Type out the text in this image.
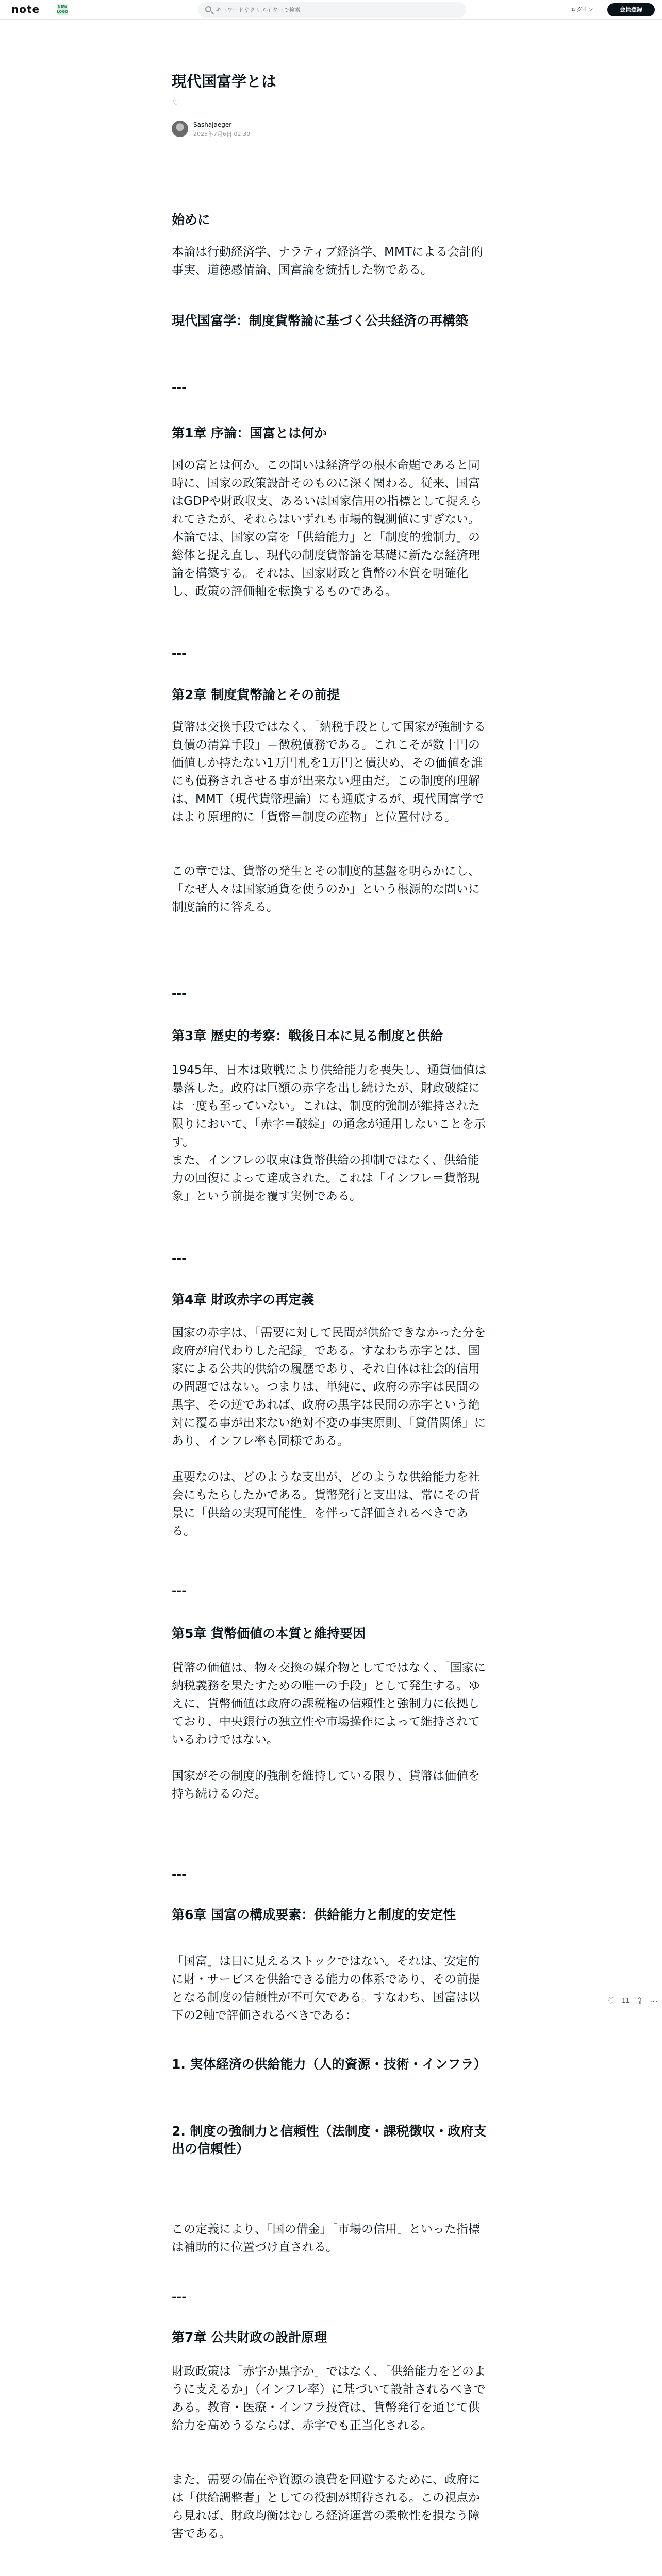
note	NEW LOGO
キーワードやクリエイターで検索	ログイン	会員登録
現代国富学とは
♡
Sashajaeger
2025年7月6日 02:30
始めに
本論は行動経済学、ナラティブ経済学、MMTによる会計的事実、道徳感情論、国富論を統括した物である。
現代国富学：制度貨幣論に基づく公共経済の再構築
---
第1章 序論：国富とは何か
国の富とは何か。この問いは経済学の根本命題であると同時に、国家の政策設計そのものに深く関わる。従来、国富はGDPや財政収支、あるいは国家信用の指標として捉えられてきたが、それらはいずれも市場的観測値にすぎない。
本論では、国家の富を「供給能力」と「制度的強制力」の総体と捉え直し、現代の制度貨幣論を基礎に新たな経済理論を構築する。それは、国家財政と貨幣の本質を明確化し、政策の評価軸を転換するものである。
---
第2章 制度貨幣論とその前提
貨幣は交換手段ではなく、「納税手段として国家が強制する負債の清算手段」＝徴税債務である。これこそが数十円の価値しか持たない1万円札を1万円と債決め、その価値を誰にも債務されさせる事が出来ない理由だ。この制度的理解は、MMT（現代貨幣理論）にも通底するが、現代国富学ではより原理的に「貨幣＝制度の産物」と位置付ける。
この章では、貨幣の発生とその制度的基盤を明らかにし、「なぜ人々は国家通貨を使うのか」という根源的な問いに制度論的に答える。
---
第3章 歴史的考察：戦後日本に見る制度と供給
1945年、日本は敗戦により供給能力を喪失し、通貨価値は暴落した。政府は巨額の赤字を出し続けたが、財政破綻には一度も至っていない。これは、制度的強制が維持された限りにおいて、「赤字＝破綻」の通念が通用しないことを示す。
また、インフレの収束は貨幣供給の抑制ではなく、供給能力の回復によって達成された。これは「インフレ＝貨幣現象」という前提を覆す実例である。
---
第4章 財政赤字の再定義
国家の赤字は、「需要に対して民間が供給できなかった分を政府が肩代わりした記録」である。すなわち赤字とは、国家による公共的供給の履歴であり、それ自体は社会的信用の問題ではない。つまりは、単純に、政府の赤字は民間の黒字、その逆であれば、政府の黒字は民間の赤字という絶対に覆る事が出来ない絶対不変の事実原則、「貸借関係」にあり、インフレ率も同様である。
重要なのは、どのような支出が、どのような供給能力を社会にもたらしたかである。貨幣発行と支出は、常にその背景に「供給の実現可能性」を伴って評価されるべきである。
---
第5章 貨幣価値の本質と維持要因
貨幣の価値は、物々交換の媒介物としてではなく、「国家に納税義務を果たすための唯一の手段」として発生する。ゆえに、貨幣価値は政府の課税権の信頼性と強制力に依拠しており、中央銀行の独立性や市場操作によって維持されているわけではない。
国家がその制度的強制を維持している限り、貨幣は価値を持ち続けるのだ。
---
第6章 国富の構成要素：供給能力と制度的安定性
「国富」は目に見えるストックではない。それは、安定的に財・サービスを供給できる能力の体系であり、その前提となる制度の信頼性が不可欠である。すなわち、国富は以下の2軸で評価されるべきである：
1. 実体経済の供給能力（人的資源・技術・インフラ）
2. 制度の強制力と信頼性（法制度・課税徴収・政府支出の信頼性）
この定義により、「国の借金」「市場の信用」といった指標は補助的に位置づけ直される。
---
第7章 公共財政の設計原理
財政政策は「赤字か黒字か」ではなく、「供給能力をどのように支えるか」（インフレ率）に基づいて設計されるべきである。教育・医療・インフラ投資は、貨幣発行を通じて供給力を高めうるならば、赤字でも正当化される。
また、需要の偏在や資源の浪費を回避するために、政府には「供給調整者」としての役割が期待される。この視点から見れば、財政均衡はむしろ経済運営の柔軟性を損なう障害である。
♡ 11 ⇪ ⋯
